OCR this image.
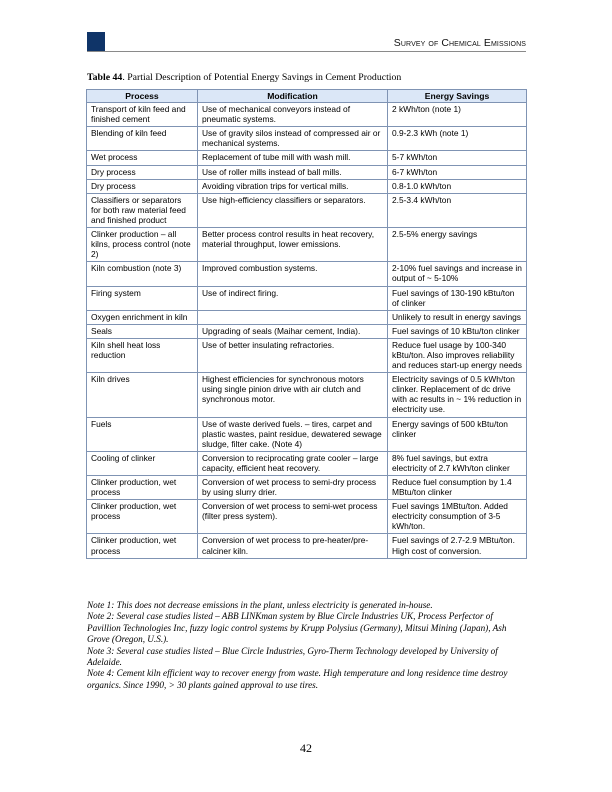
Survey of Chemical Emissions
Table 44. Partial Description of Potential Energy Savings in Cement Production
Process	Modification	Energy Savings
Transport of kiln feed and finished cement	Use of mechanical conveyors instead of pneumatic systems.	2 kWh/ton (note 1)
Blending of kiln feed	Use of gravity silos instead of compressed air or mechanical systems.	0.9-2.3 kWh (note 1)
Wet process	Replacement of tube mill with wash mill.	5-7 kWh/ton
Dry process	Use of roller mills instead of ball mills.	6-7 kWh/ton
Dry process	Avoiding vibration trips for vertical mills.	0.8-1.0 kWh/ton
Classifiers or separators for both raw material feed and finished product	Use high-efficiency classifiers or separators.	2.5-3.4 kWh/ton
Clinker production – all kilns, process control (note 2)	Better process control results in heat recovery, material throughput, lower emissions.	2.5-5% energy savings
Kiln combustion (note 3)	Improved combustion systems.	2-10% fuel savings and increase in output of ~ 5-10%
Firing system	Use of indirect firing.	Fuel savings of 130-190 kBtu/ton of clinker
Oxygen enrichment in kiln		Unlikely to result in energy savings
Seals	Upgrading of seals (Maihar cement, India).	Fuel savings of 10 kBtu/ton clinker
Kiln shell heat loss reduction	Use of better insulating refractories.	Reduce fuel usage by 100-340 kBtu/ton. Also improves reliability and reduces start-up energy needs
Kiln drives	Highest efficiencies for synchronous motors using single pinion drive with air clutch and synchronous motor.	Electricity savings of 0.5 kWh/ton clinker. Replacement of dc drive with ac results in ~ 1% reduction in electricity use.
Fuels	Use of waste derived fuels. – tires, carpet and plastic wastes, paint residue, dewatered sewage sludge, filter cake. (Note 4)	Energy savings of 500 kBtu/ton clinker
Cooling of clinker	Conversion to reciprocating grate cooler – large capacity, efficient heat recovery.	8% fuel savings, but extra electricity of 2.7 kWh/ton clinker
Clinker production, wet process	Conversion of wet process to semi-dry process by using slurry drier.	Reduce fuel consumption by 1.4 MBtu/ton clinker
Clinker production, wet process	Conversion of wet process to semi-wet process (filter press system).	Fuel savings 1MBtu/ton. Added electricity consumption of 3-5 kWh/ton.
Clinker production, wet process	Conversion of wet process to pre-heater/pre-calciner kiln.	Fuel savings of 2.7-2.9 MBtu/ton. High cost of conversion.
Note 1: This does not decrease emissions in the plant, unless electricity is generated in-house.
Note 2: Several case studies listed – ABB LINKman system by Blue Circle Industries UK, Process Perfector of Pavillion Technologies Inc, fuzzy logic control systems by Krupp Polysius (Germany), Mitsui Mining (Japan), Ash Grove (Oregon, U.S.).
Note 3: Several case studies listed – Blue Circle Industries, Gyro-Therm Technology developed by University of Adelaide.
Note 4: Cement kiln efficient way to recover energy from waste. High temperature and long residence time destroy organics. Since 1990, > 30 plants gained approval to use tires.
42
